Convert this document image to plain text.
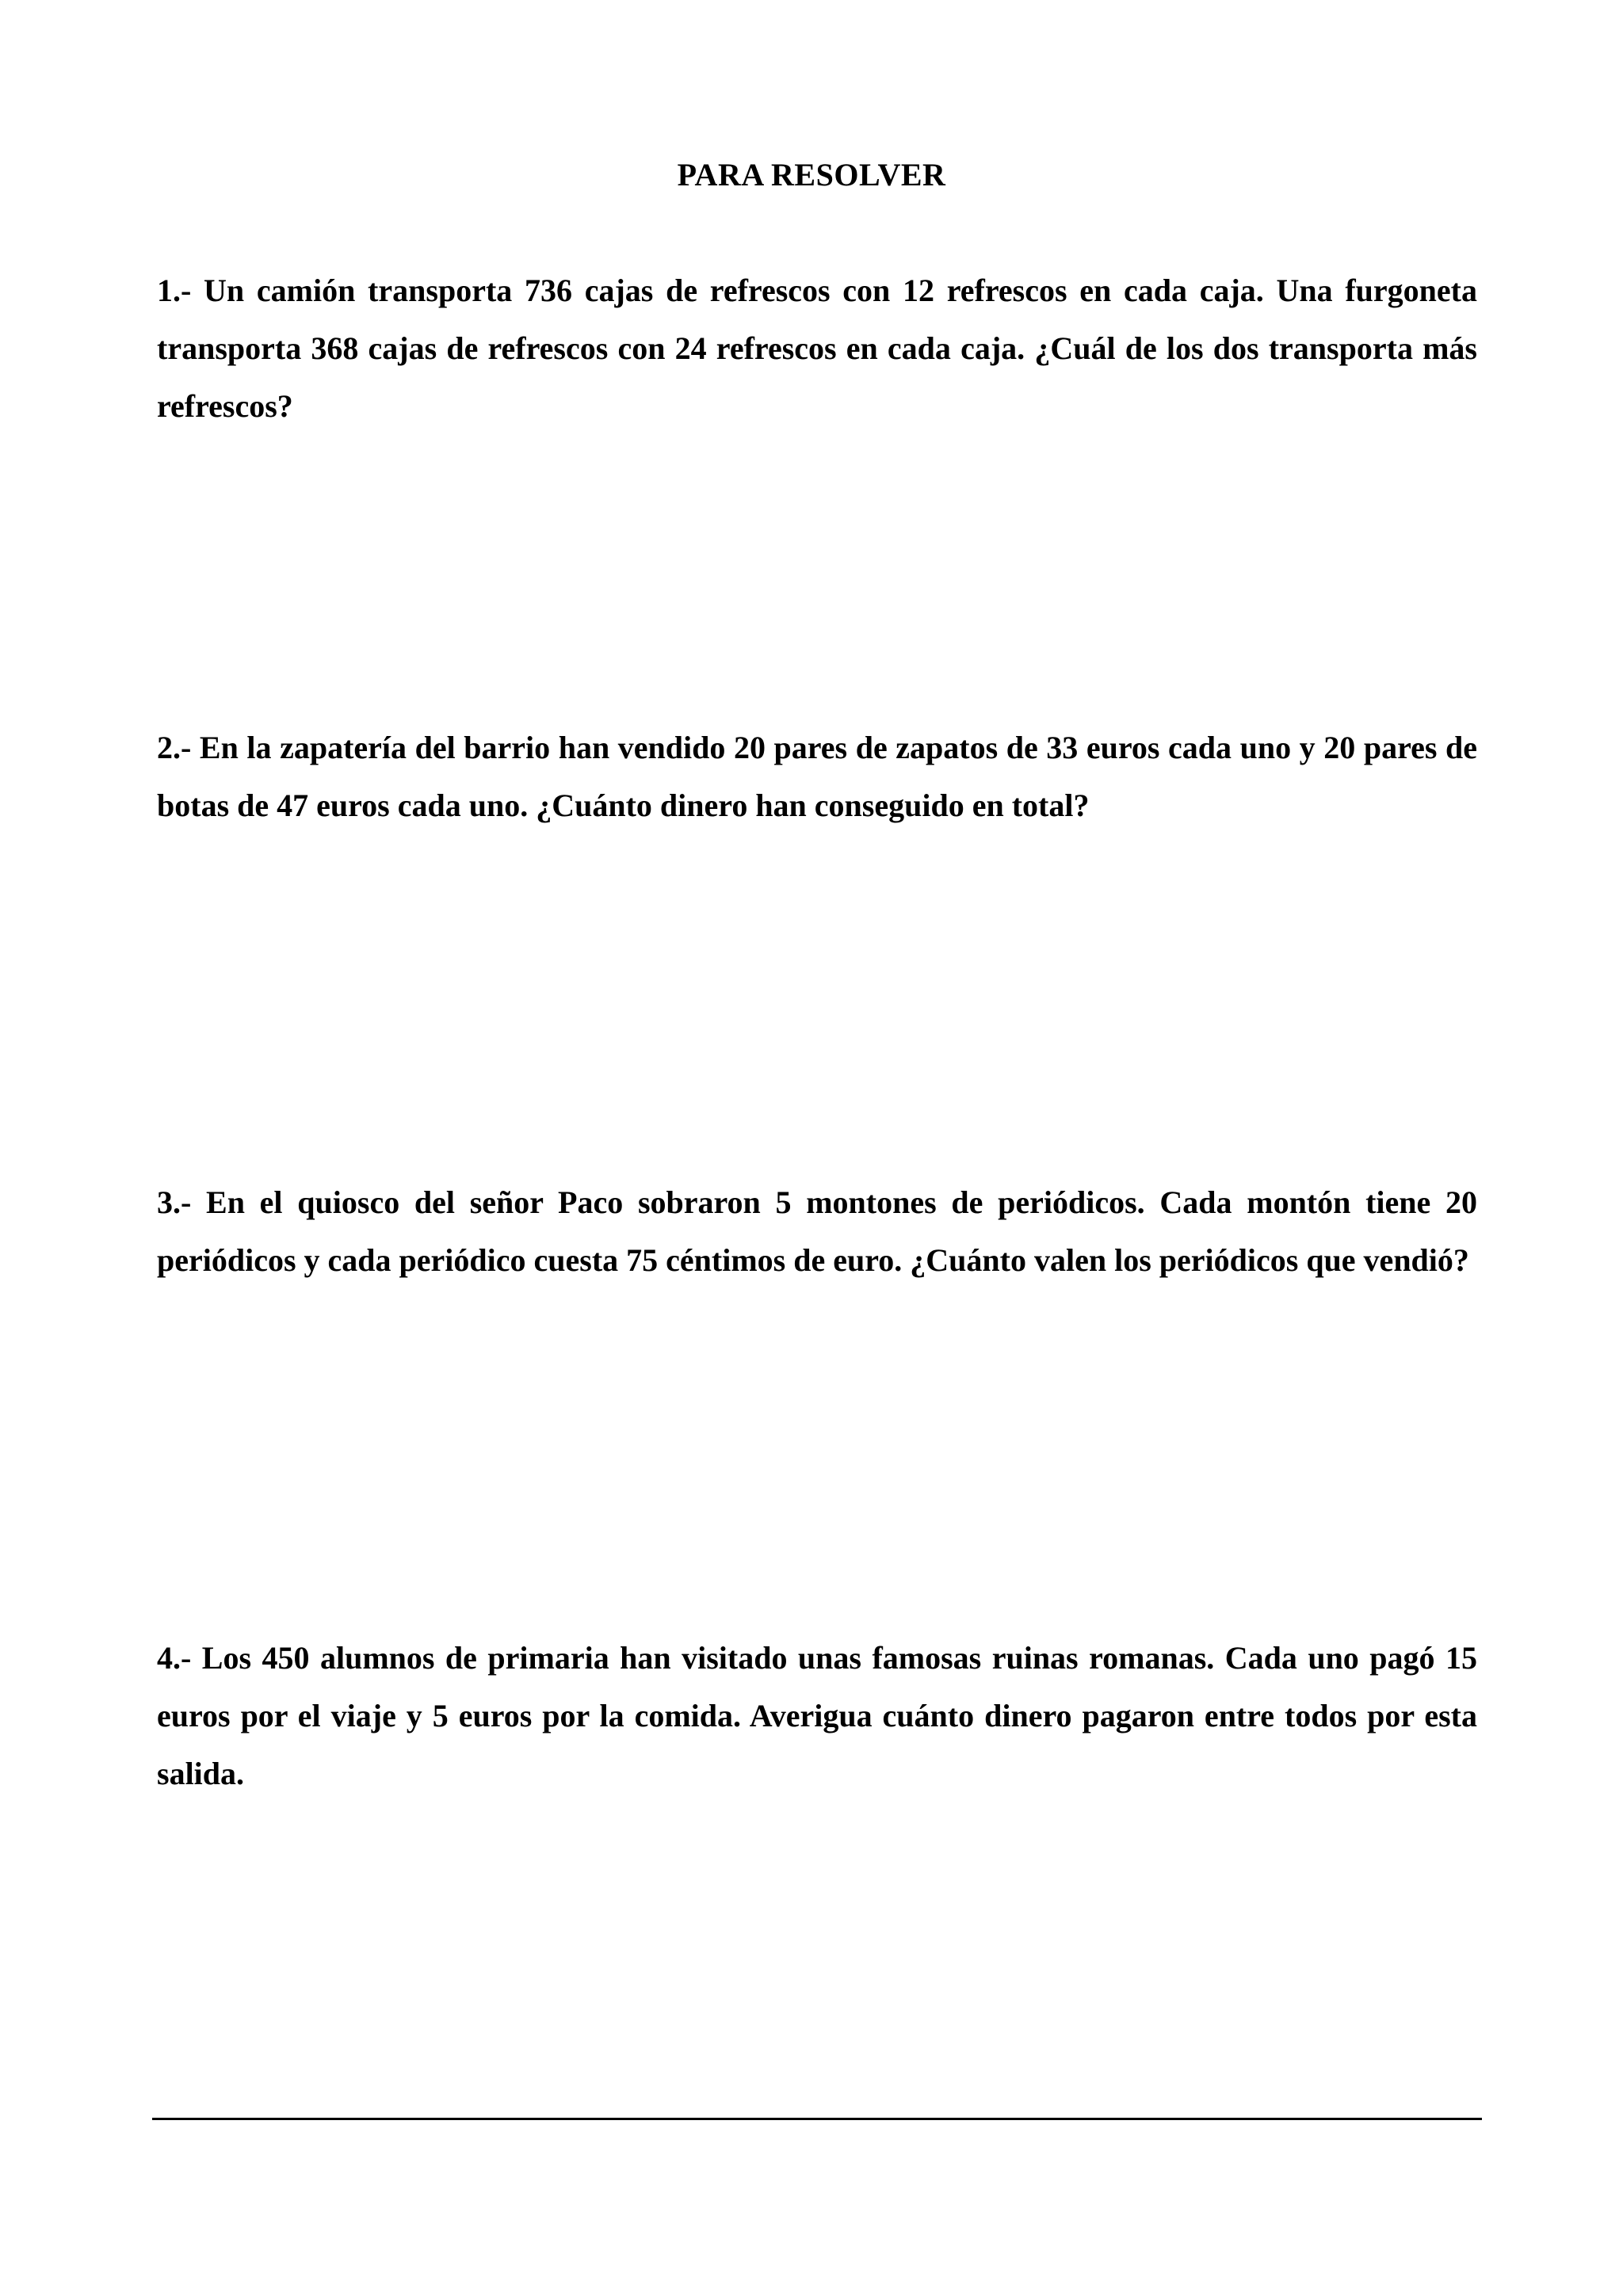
PARA RESOLVER

1.- Un camión transporta 736 cajas de refrescos con 12 refrescos en cada caja. Una furgoneta transporta 368 cajas de refrescos con 24 refrescos en cada caja. ¿Cuál de los dos transporta más refrescos?

2.- En la zapatería del barrio han vendido 20 pares de zapatos de 33 euros cada uno y 20 pares de botas de 47 euros cada uno. ¿Cuánto dinero han conseguido en total?

3.- En el quiosco del señor Paco sobraron 5 montones de periódicos. Cada montón tiene 20 periódicos y cada periódico cuesta 75 céntimos de euro. ¿Cuánto valen los periódicos que vendió?

4.- Los 450 alumnos de primaria han visitado unas famosas ruinas romanas. Cada uno pagó 15 euros por el viaje y 5 euros por la comida. Averigua cuánto dinero pagaron entre todos por esta salida.
